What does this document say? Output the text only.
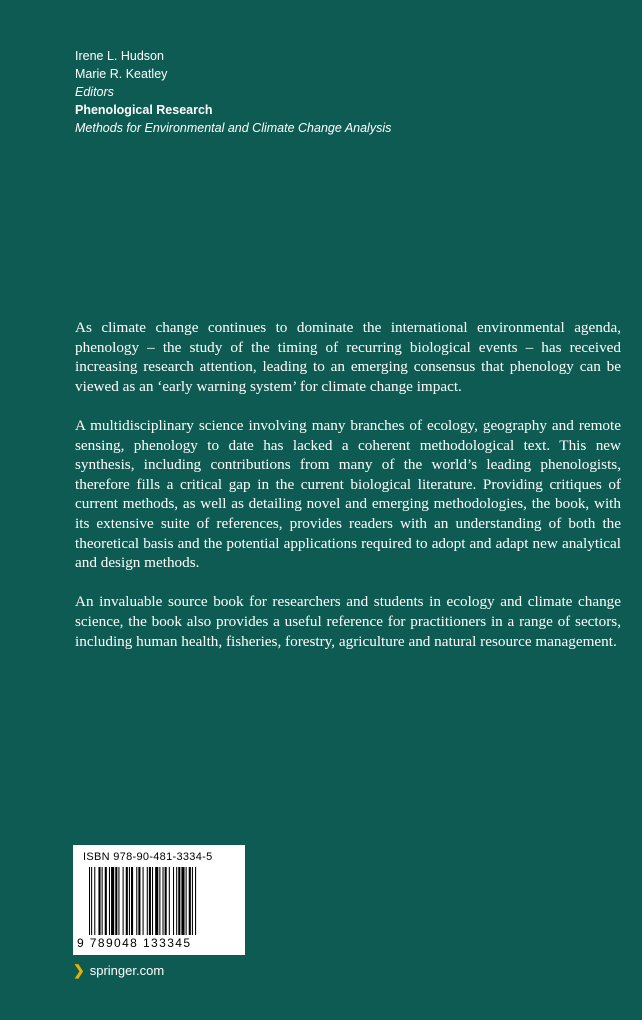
Irene L. Hudson
Marie R. Keatley
Editors
Phenological Research
Methods for Environmental and Climate Change Analysis

As climate change continues to dominate the international environmental agenda, phenology – the study of the timing of recurring biological events – has received increasing research attention, leading to an emerging consensus that phenology can be viewed as an ‘early warning system’ for climate change impact.

A multidisciplinary science involving many branches of ecology, geography and remote sensing, phenology to date has lacked a coherent methodological text. This new synthesis, including contributions from many of the world’s leading phenologists, therefore fills a critical gap in the current biological literature. Providing critiques of current methods, as well as detailing novel and emerging methodologies, the book, with its extensive suite of references, provides readers with an understanding of both the theoretical basis and the potential applications required to adopt and adapt new analytical and design methods.

An invaluable source book for researchers and students in ecology and climate change science, the book also provides a useful reference for practitioners in a range of sectors, including human health, fisheries, forestry, agriculture and natural resource management.

ISBN 978-90-481-3334-5
9 789048 133345
❯ springer.com
